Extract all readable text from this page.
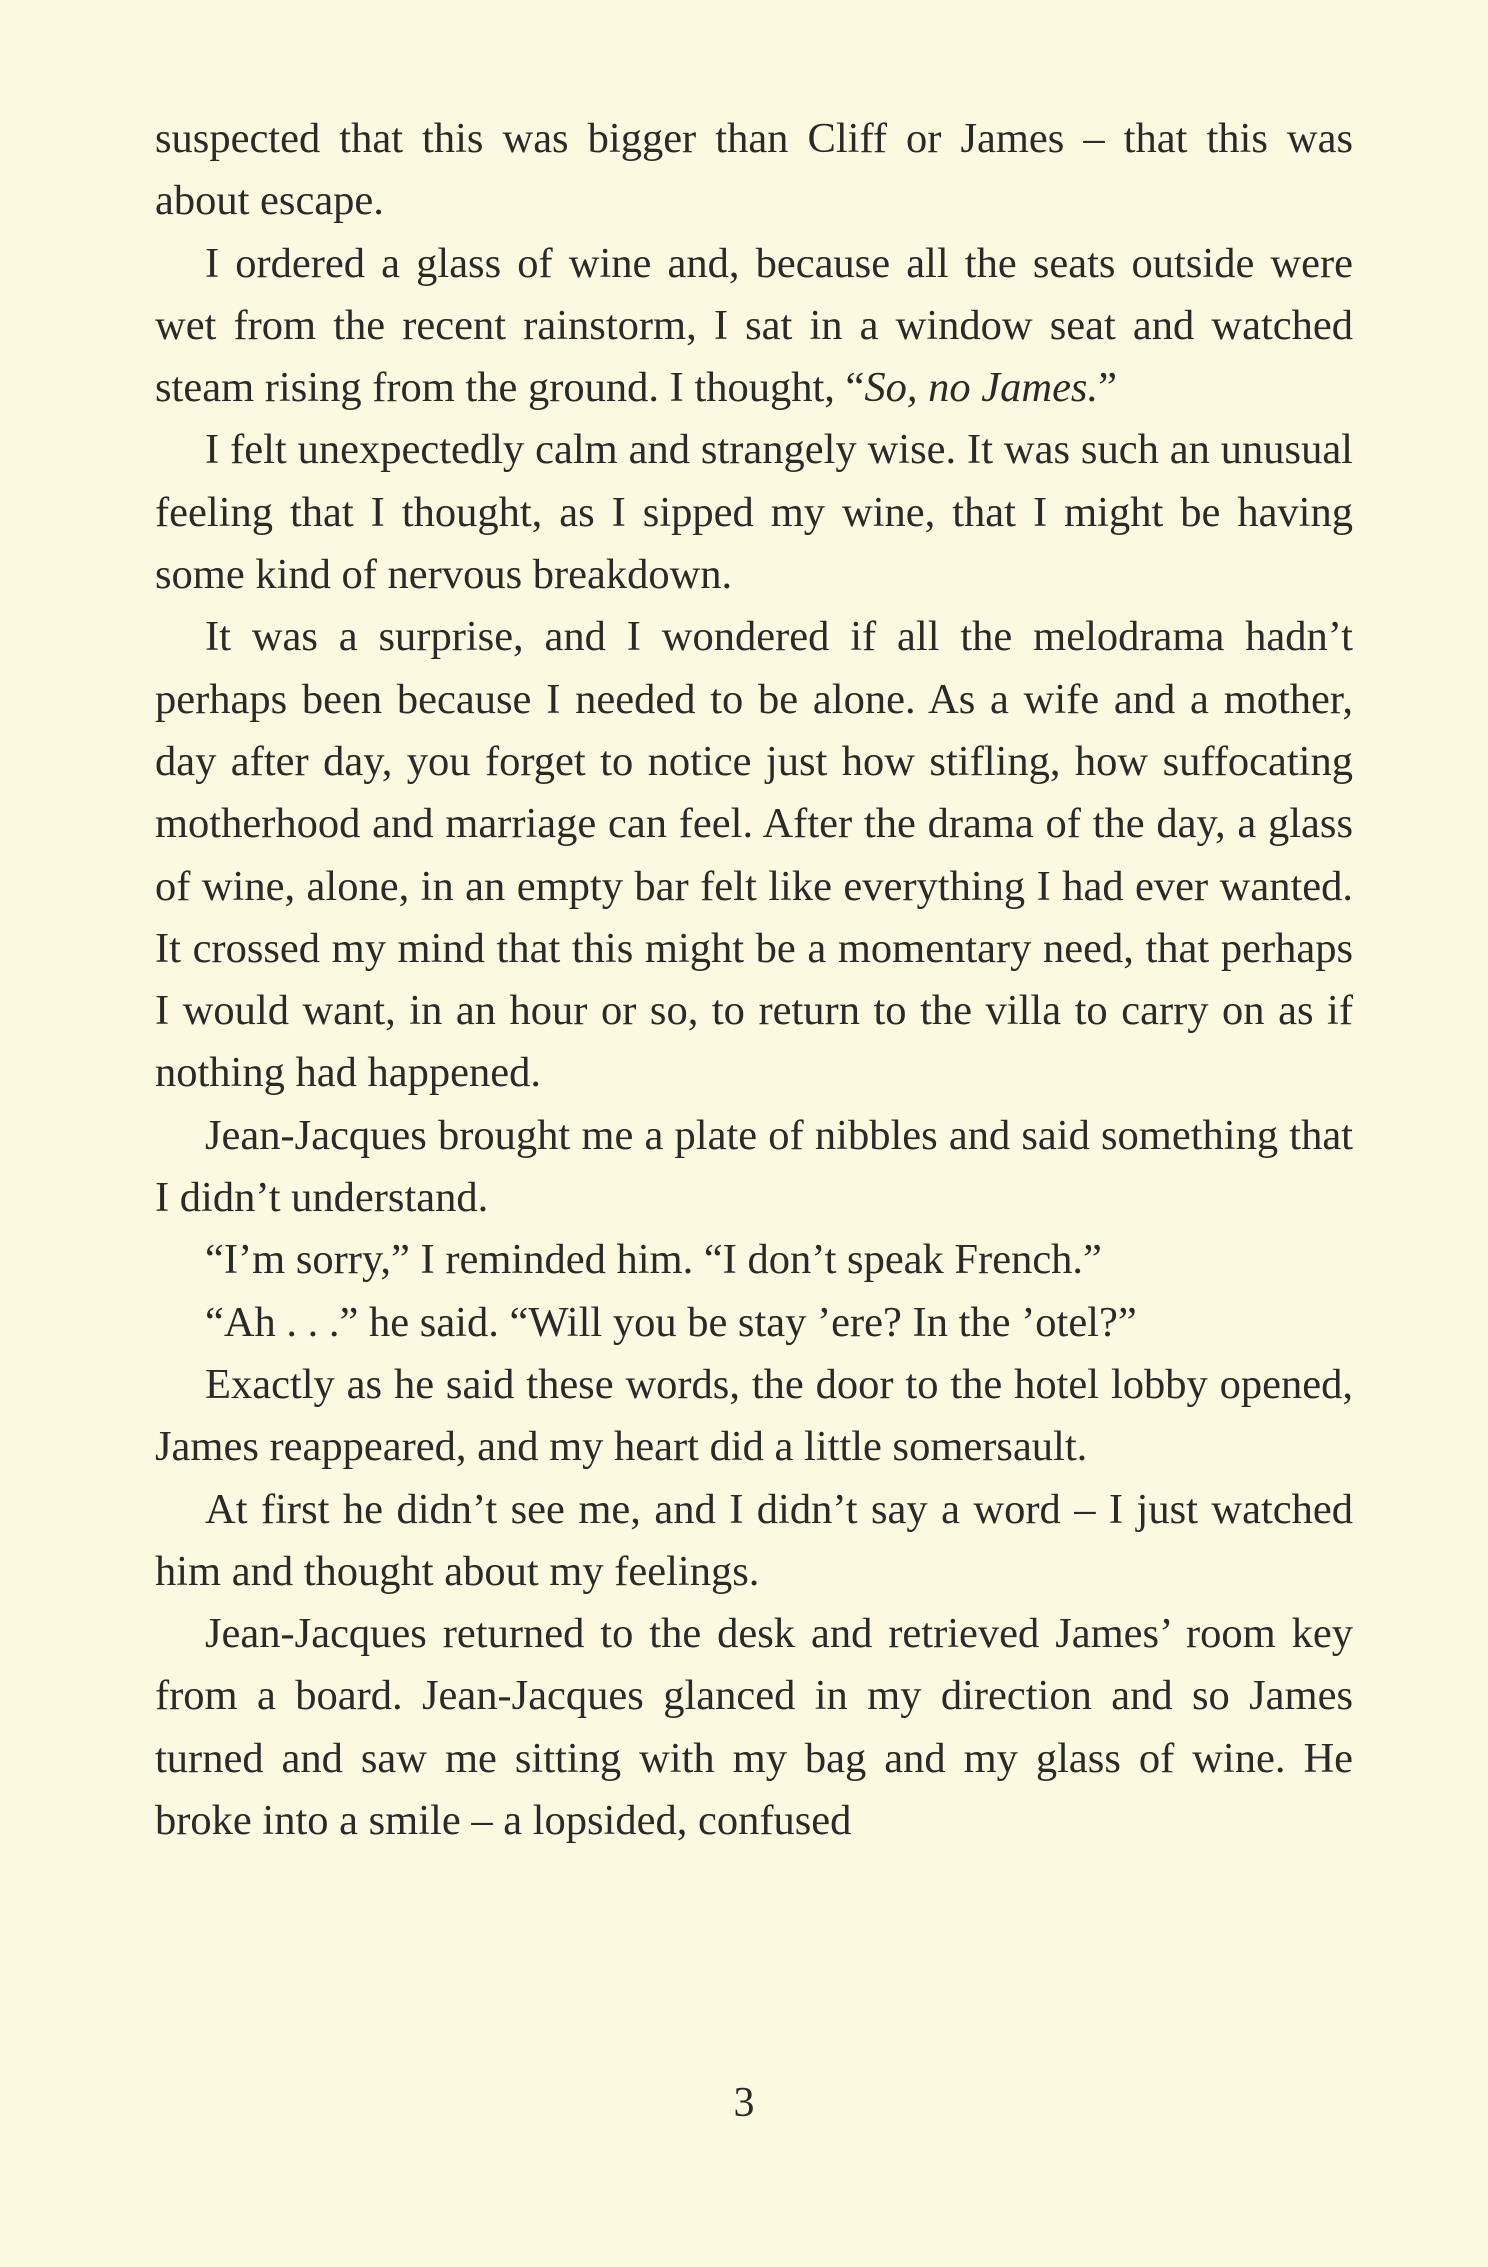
suspected that this was bigger than Cliff or James – that this was about escape.

I ordered a glass of wine and, because all the seats outside were wet from the recent rainstorm, I sat in a window seat and watched steam rising from the ground. I thought, “So, no James.”

I felt unexpectedly calm and strangely wise. It was such an unusual feeling that I thought, as I sipped my wine, that I might be having some kind of nervous breakdown.

It was a surprise, and I wondered if all the melodrama hadn’t perhaps been because I needed to be alone. As a wife and a mother, day after day, you forget to notice just how stifling, how suffocating motherhood and marriage can feel. After the drama of the day, a glass of wine, alone, in an empty bar felt like everything I had ever wanted. It crossed my mind that this might be a momentary need, that perhaps I would want, in an hour or so, to return to the villa to carry on as if nothing had happened.

Jean-Jacques brought me a plate of nibbles and said something that I didn’t understand.

“I’m sorry,” I reminded him. “I don’t speak French.”

“Ah . . .” he said. “Will you be stay ’ere? In the ’otel?”

Exactly as he said these words, the door to the hotel lobby opened, James reappeared, and my heart did a little somersault.

At first he didn’t see me, and I didn’t say a word – I just watched him and thought about my feelings.

Jean-Jacques returned to the desk and retrieved James’ room key from a board. Jean-Jacques glanced in my direction and so James turned and saw me sitting with my bag and my glass of wine. He broke into a smile – a lopsided, confused

3
